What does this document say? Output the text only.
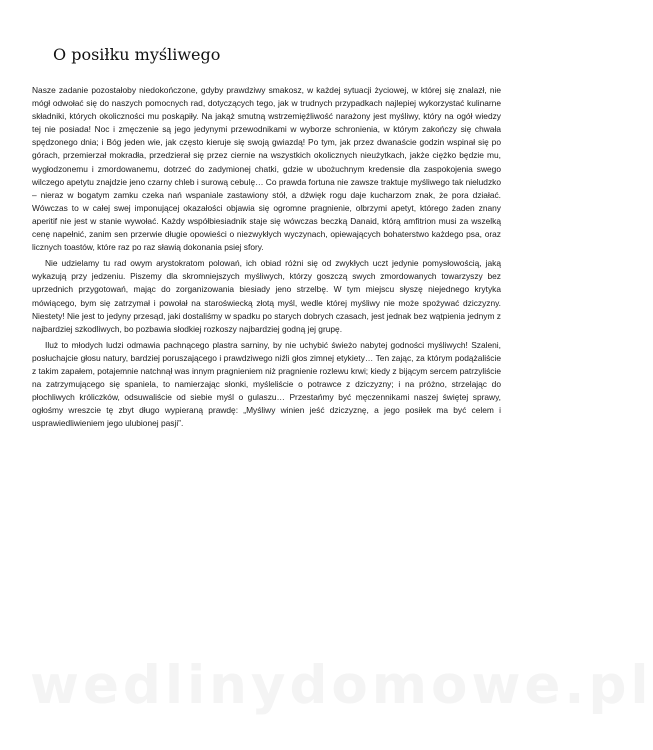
O posiłku myśliwego

Nasze zadanie pozostałoby niedokończone, gdyby prawdziwy smakosz, w każdej sytuacji życiowej, w której się znalazł, nie mógł odwołać się do naszych pomocnych rad, dotyczących tego, jak w trudnych przypadkach najlepiej wykorzystać kulinarne składniki, których okoliczności mu poskąpiły. Na jakąż smutną wstrzemięźliwość narażony jest myśliwy, który na ogół wiedzy tej nie posiada! Noc i zmęczenie są jego jedynymi przewodnikami w wyborze schronienia, w którym zakończy się chwała spędzonego dnia; i Bóg jeden wie, jak często kieruje się swoją gwiazdą! Po tym, jak przez dwanaście godzin wspinał się po górach, przemierzał mokradła, przedzierał się przez ciernie na wszystkich okolicznych nieużytkach, jakże ciężko będzie mu, wygłodzonemu i zmordowanemu, dotrzeć do zadymionej chatki, gdzie w ubożuchnym kredensie dla zaspokojenia swego wilczego apetytu znajdzie jeno czarny chleb i surową cebulę… Co prawda fortuna nie zawsze traktuje myśliwego tak nieludzko – nieraz w bogatym zamku czeka nań wspaniale zastawiony stół, a dźwięk rogu daje kucharzom znak, że pora działać. Wówczas to w całej swej imponującej okazałości objawia się ogromne pragnienie, olbrzymi apetyt, którego żaden znany aperitif nie jest w stanie wywołać. Każdy współbiesiadnik staje się wówczas beczką Danaid, którą amfitrion musi za wszelką cenę napełnić, zanim sen przerwie długie opowieści o niezwykłych wyczynach, opiewających bohaterstwo każdego psa, oraz licznych toastów, które raz po raz sławią dokonania psiej sfory.

Nie udzielamy tu rad owym arystokratom polowań, ich obiad różni się od zwykłych uczt jedynie pomysłowością, jaką wykazują przy jedzeniu. Piszemy dla skromniejszych myśliwych, którzy goszczą swych zmordowanych towarzyszy bez uprzednich przygotowań, mając do zorganizowania biesiady jeno strzelbę. W tym miejscu słyszę niejednego krytyka mówiącego, bym się zatrzymał i powołał na staroświecką złotą myśl, wedle której myśliwy nie może spożywać dziczyzny. Niestety! Nie jest to jedyny przesąd, jaki dostaliśmy w spadku po starych dobrych czasach, jest jednak bez wątpienia jednym z najbardziej szkodliwych, bo pozbawia słodkiej rozkoszy najbardziej godną jej grupę.

Iluż to młodych ludzi odmawia pachnącego plastra sarniny, by nie uchybić świeżo nabytej godności myśliwych! Szaleni, posłuchajcie głosu natury, bardziej poruszającego i prawdziwego niźli głos zimnej etykiety… Ten zając, za którym podążaliście z takim zapałem, potajemnie natchnął was innym pragnieniem niż pragnienie rozlewu krwi; kiedy z bijącym sercem patrzyliście na zatrzymującego się spaniela, to namierzając słonki, myśleliście o potrawce z dziczyzny; i na próżno, strzelając do płochliwych króliczków, odsuwaliście od siebie myśl o gulaszu… Przestańmy być męczennikami naszej świętej sprawy, ogłośmy wreszcie tę zbyt długo wypieraną prawdę: „Myśliwy winien jeść dziczyznę, a jego posiłek ma być celem i usprawiedliwieniem jego ulubionej pasji”.

wedlinydomowe.pl
